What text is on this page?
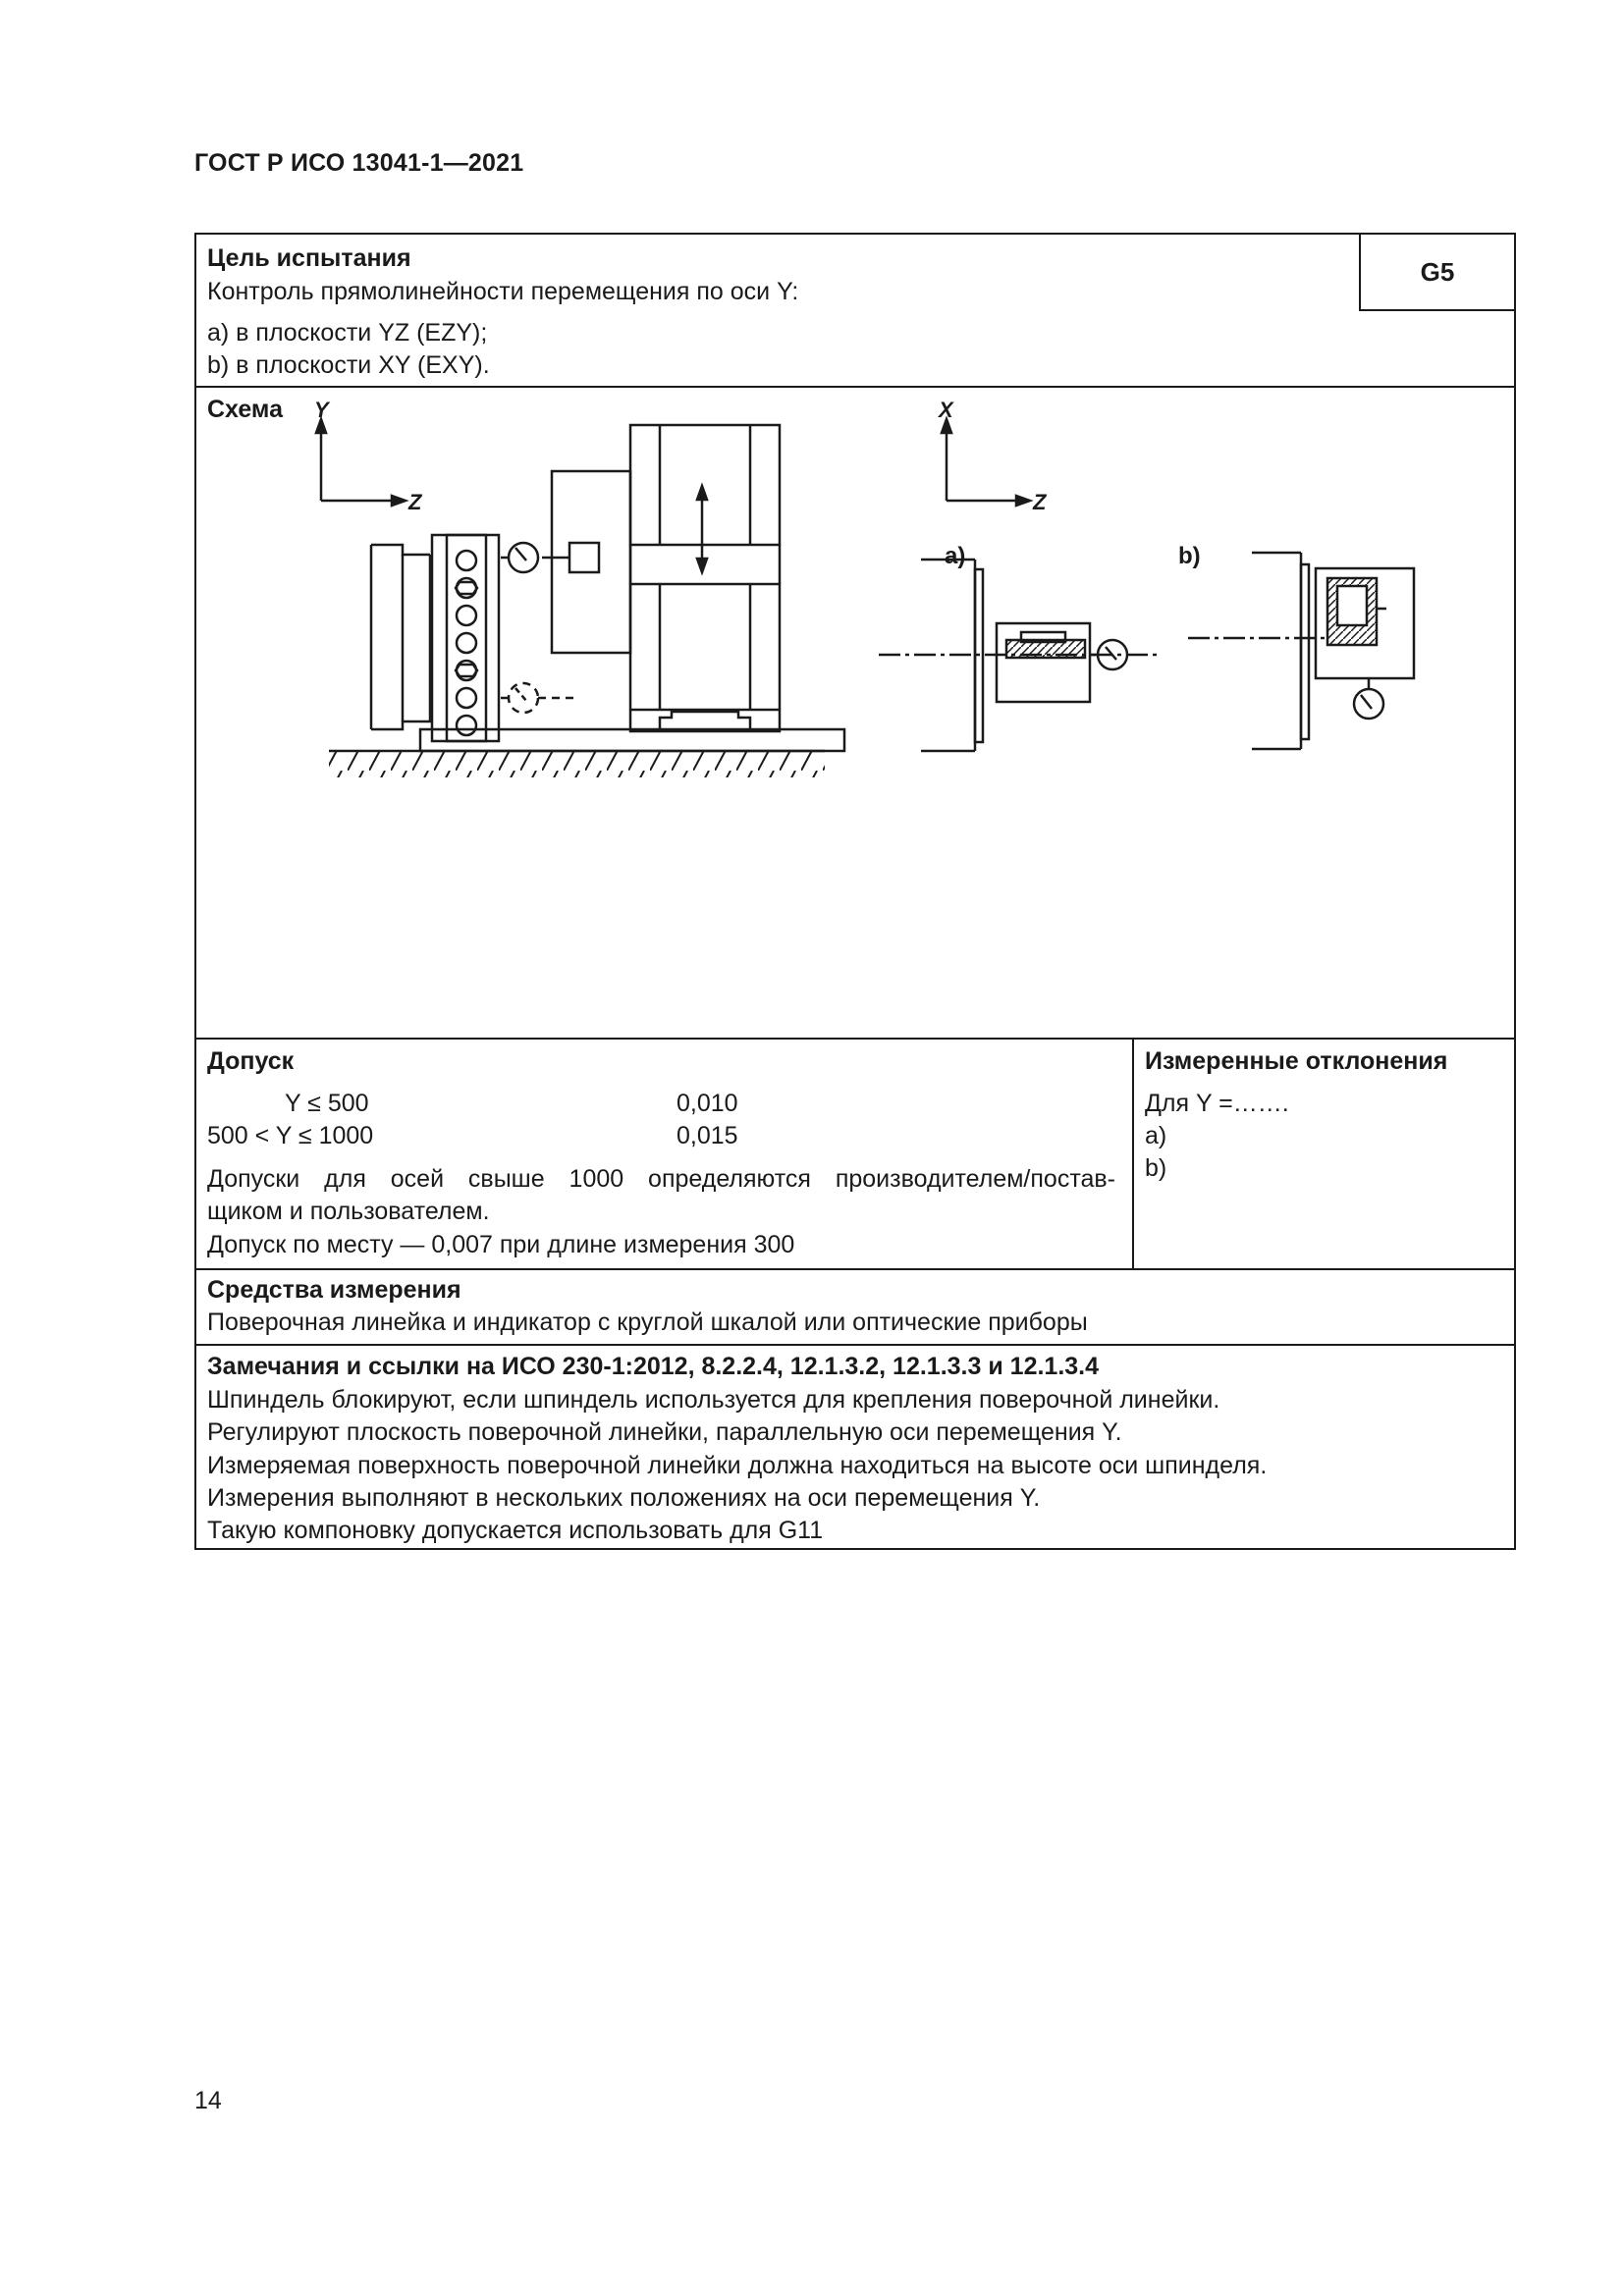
ГОСТ Р ИСО 13041-1—2021
Цель испытания	G5
Контроль прямолинейности перемещения по оси Y:
a) в плоскости YZ (EZY);
b) в плоскости XY (EXY).
Схема Y
Z
X
Z
a)	b)
Допуск
Y ≤ 500	0,010
500 < Y ≤ 1000	0,015
Допуски для осей свыше 1000 определяются производителем/постав-
щиком и пользователем.
Допуск по месту — 0,007 при длине измерения 300
Измеренные отклонения
Для Y =…….
a)
b)
Средства измерения
Поверочная линейка и индикатор с круглой шкалой или оптические приборы
Замечания и ссылки на ИСО 230-1:2012, 8.2.2.4, 12.1.3.2, 12.1.3.3 и 12.1.3.4
Шпиндель блокируют, если шпиндель используется для крепления поверочной линейки.
Регулируют плоскость поверочной линейки, параллельную оси перемещения Y.
Измеряемая поверхность поверочной линейки должна находиться на высоте оси шпинделя.
Измерения выполняют в нескольких положениях на оси перемещения Y.
Такую компоновку допускается использовать для G11
14
